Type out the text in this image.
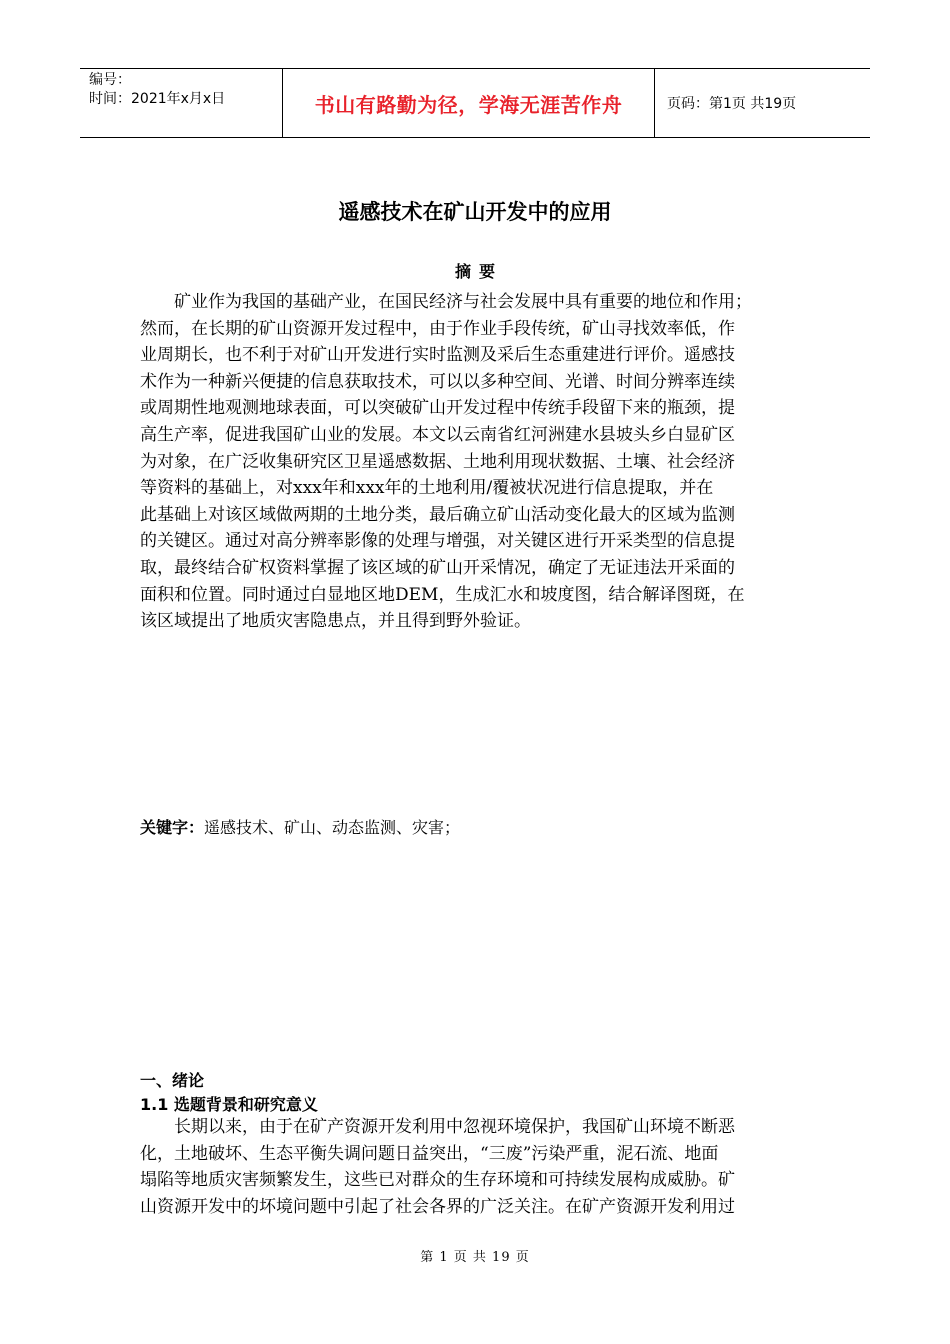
编号：
时间：2021年x月x日	书山有路勤为径，学海无涯苦作舟	页码：第1页 共19页
遥感技术在矿山开发中的应用
摘要
矿业作为我国的基础产业，在国民经济与社会发展中具有重要的地位和作用；
然而，在长期的矿山资源开发过程中，由于作业手段传统，矿山寻找效率低，作
业周期长，也不利于对矿山开发进行实时监测及采后生态重建进行评价。遥感技
术作为一种新兴便捷的信息获取技术，可以以多种空间、光谱、时间分辨率连续
或周期性地观测地球表面，可以突破矿山开发过程中传统手段留下来的瓶颈，提
高生产率，促进我国矿山业的发展。本文以云南省红河洲建水县坡头乡白显矿区
为对象，在广泛收集研究区卫星遥感数据、土地利用现状数据、土壤、社会经济
等资料的基础上，对xxx年和xxx年的土地利用/覆被状况进行信息提取，并在
此基础上对该区域做两期的土地分类，最后确立矿山活动变化最大的区域为监测
的关键区。通过对高分辨率影像的处理与增强，对关键区进行开采类型的信息提
取，最终结合矿权资料掌握了该区域的矿山开采情况，确定了无证违法开采面的
面积和位置。同时通过白显地区地DEM，生成汇水和坡度图，结合解译图斑，在
该区域提出了地质灾害隐患点，并且得到野外验证。
关键字：遥感技术、矿山、动态监测、灾害；
一、绪论
1.1 选题背景和研究意义
长期以来，由于在矿产资源开发利用中忽视环境保护，我国矿山环境不断恶
化，土地破坏、生态平衡失调问题日益突出，“三废”污染严重，泥石流、地面
塌陷等地质灾害频繁发生，这些已对群众的生存环境和可持续发展构成威胁。矿
山资源开发中的坏境问题中引起了社会各界的广泛关注。在矿产资源开发利用过
第 1 页 共 19 页
